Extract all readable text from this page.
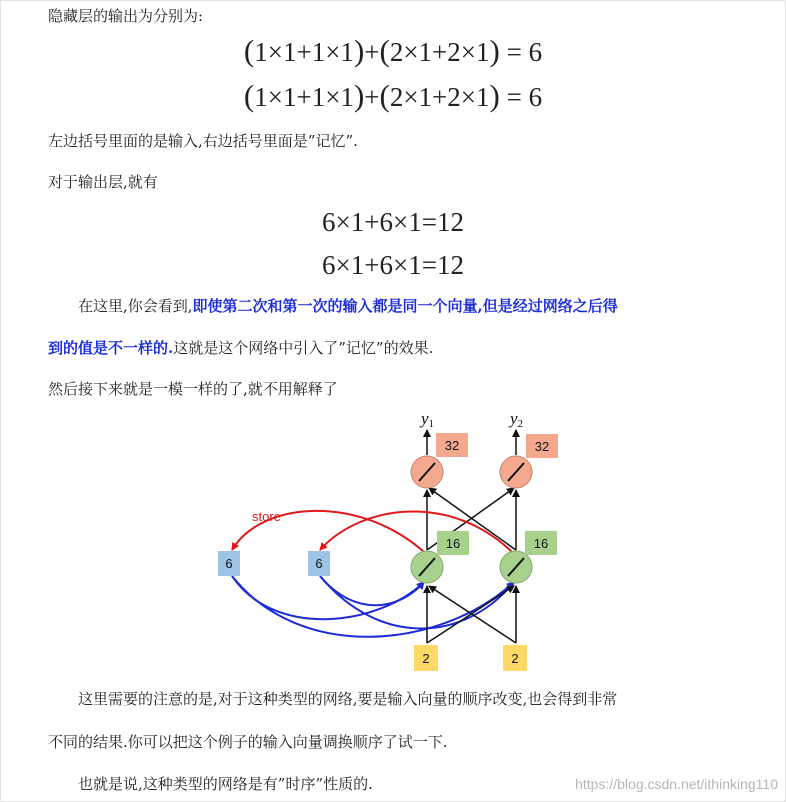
隐藏层的输出为分别为:
(1×1+1×1)+(2×1+2×1) = 6
(1×1+1×1)+(2×1+2×1) = 6
左边括号里面的是输入,右边括号里面是”记忆”.
对于输出层,就有
6×1+6×1=12
6×1+6×1=12
在这里,你会看到,即使第二次和第一次的输入都是同一个向量,但是经过网络之后得
到的值是不一样的.这就是这个网络中引入了”记忆”的效果.
然后接下来就是一模一样的了,就不用解释了
store
y1	y2
32	32
16	16
6	6
2	2
这里需要的注意的是,对于这种类型的网络,要是输入向量的顺序改变,也会得到非常
不同的结果.你可以把这个例子的输入向量调换顺序了试一下.
也就是说,这种类型的网络是有”时序”性质的.	https://blog.csdn.net/ithinking110
